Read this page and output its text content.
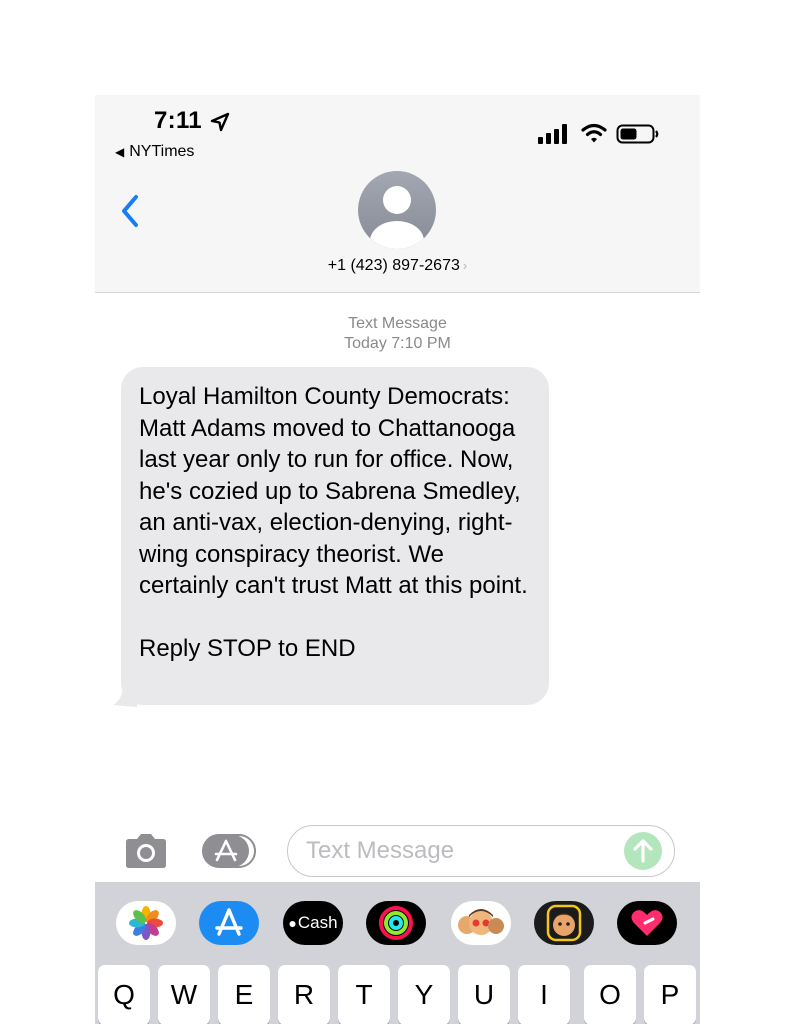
7:11
◀ NYTimes
+1 (423) 897-2673 ›
Text Message
Today 7:10 PM
Loyal Hamilton County Democrats: Matt Adams moved to Chattanooga last year only to run for office. Now, he's cozied up to Sabrena Smedley, an anti-vax, election-denying, right-wing conspiracy theorist. We certainly can't trust Matt at this point.
Reply STOP to END
Text Message
● Cash
Q	W	E	R	T	Y	U	I	O	P
